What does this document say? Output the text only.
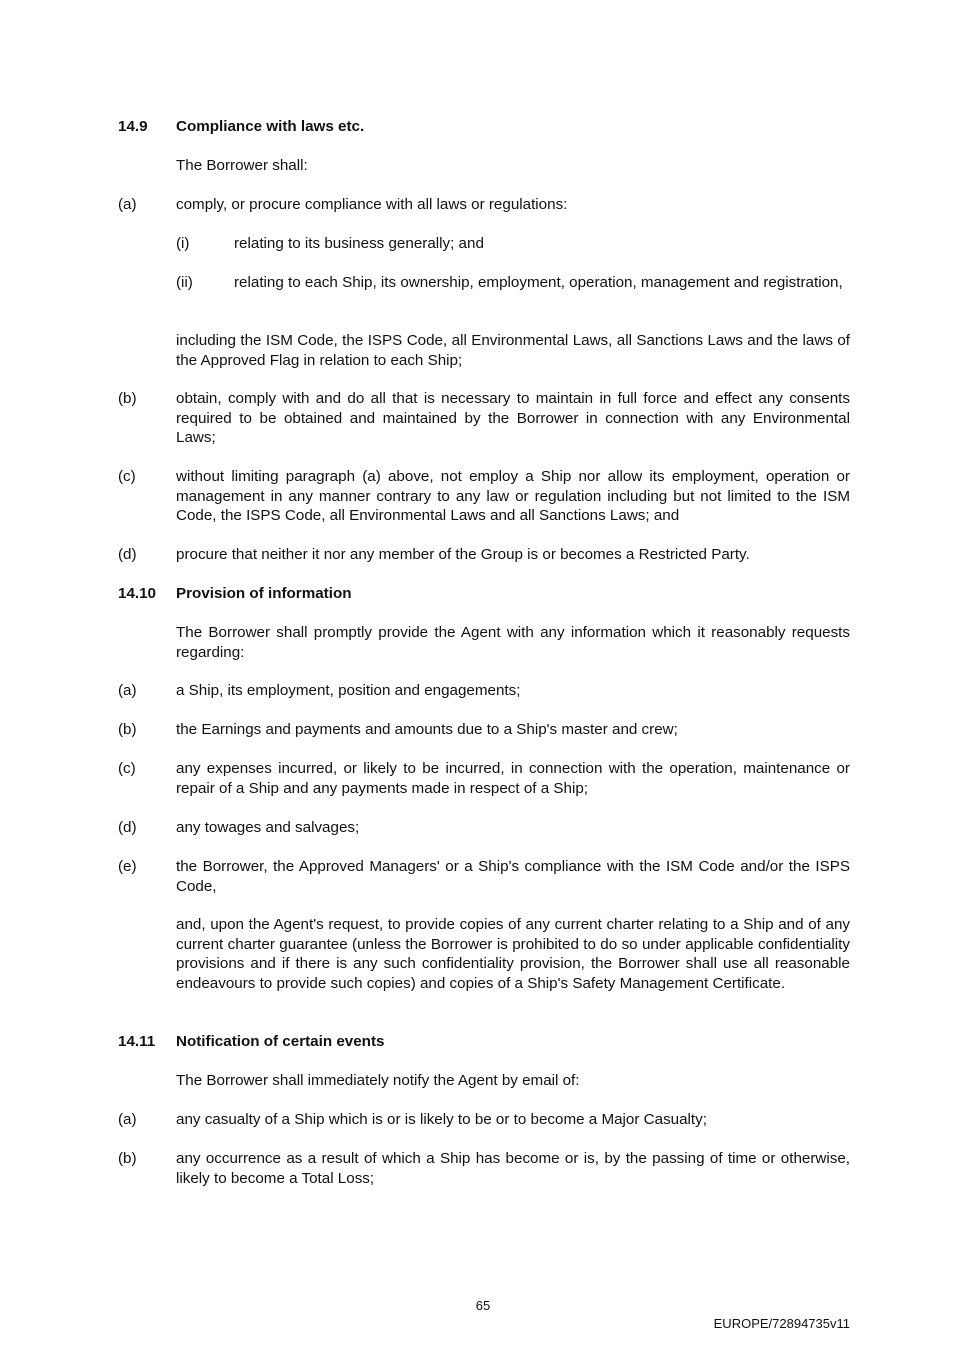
14.9 Compliance with laws etc.
The Borrower shall:
(a)	comply, or procure compliance with all laws or regulations:
(i)	relating to its business generally; and
(ii)	relating to each Ship, its ownership, employment, operation, management and registration,
including the ISM Code, the ISPS Code, all Environmental Laws, all Sanctions Laws and the laws of the Approved Flag in relation to each Ship;
(b)	obtain, comply with and do all that is necessary to maintain in full force and effect any consents required to be obtained and maintained by the Borrower in connection with any Environmental Laws;
(c)	without limiting paragraph (a) above, not employ a Ship nor allow its employment, operation or management in any manner contrary to any law or regulation including but not limited to the ISM Code, the ISPS Code, all Environmental Laws and all Sanctions Laws; and
(d)	procure that neither it nor any member of the Group is or becomes a Restricted Party.
14.10 Provision of information
The Borrower shall promptly provide the Agent with any information which it reasonably requests regarding:
(a)	a Ship, its employment, position and engagements;
(b)	the Earnings and payments and amounts due to a Ship's master and crew;
(c)	any expenses incurred, or likely to be incurred, in connection with the operation, maintenance or repair of a Ship and any payments made in respect of a Ship;
(d)	any towages and salvages;
(e)	the Borrower, the Approved Managers' or a Ship's compliance with the ISM Code and/or the ISPS Code,
and, upon the Agent's request, to provide copies of any current charter relating to a Ship and of any current charter guarantee (unless the Borrower is prohibited to do so under applicable confidentiality provisions and if there is any such confidentiality provision, the Borrower shall use all reasonable endeavours to provide such copies) and copies of a Ship's Safety Management Certificate.
14.11 Notification of certain events
The Borrower shall immediately notify the Agent by email of:
(a)	any casualty of a Ship which is or is likely to be or to become a Major Casualty;
(b)	any occurrence as a result of which a Ship has become or is, by the passing of time or otherwise, likely to become a Total Loss;
65
EUROPE/72894735v11
